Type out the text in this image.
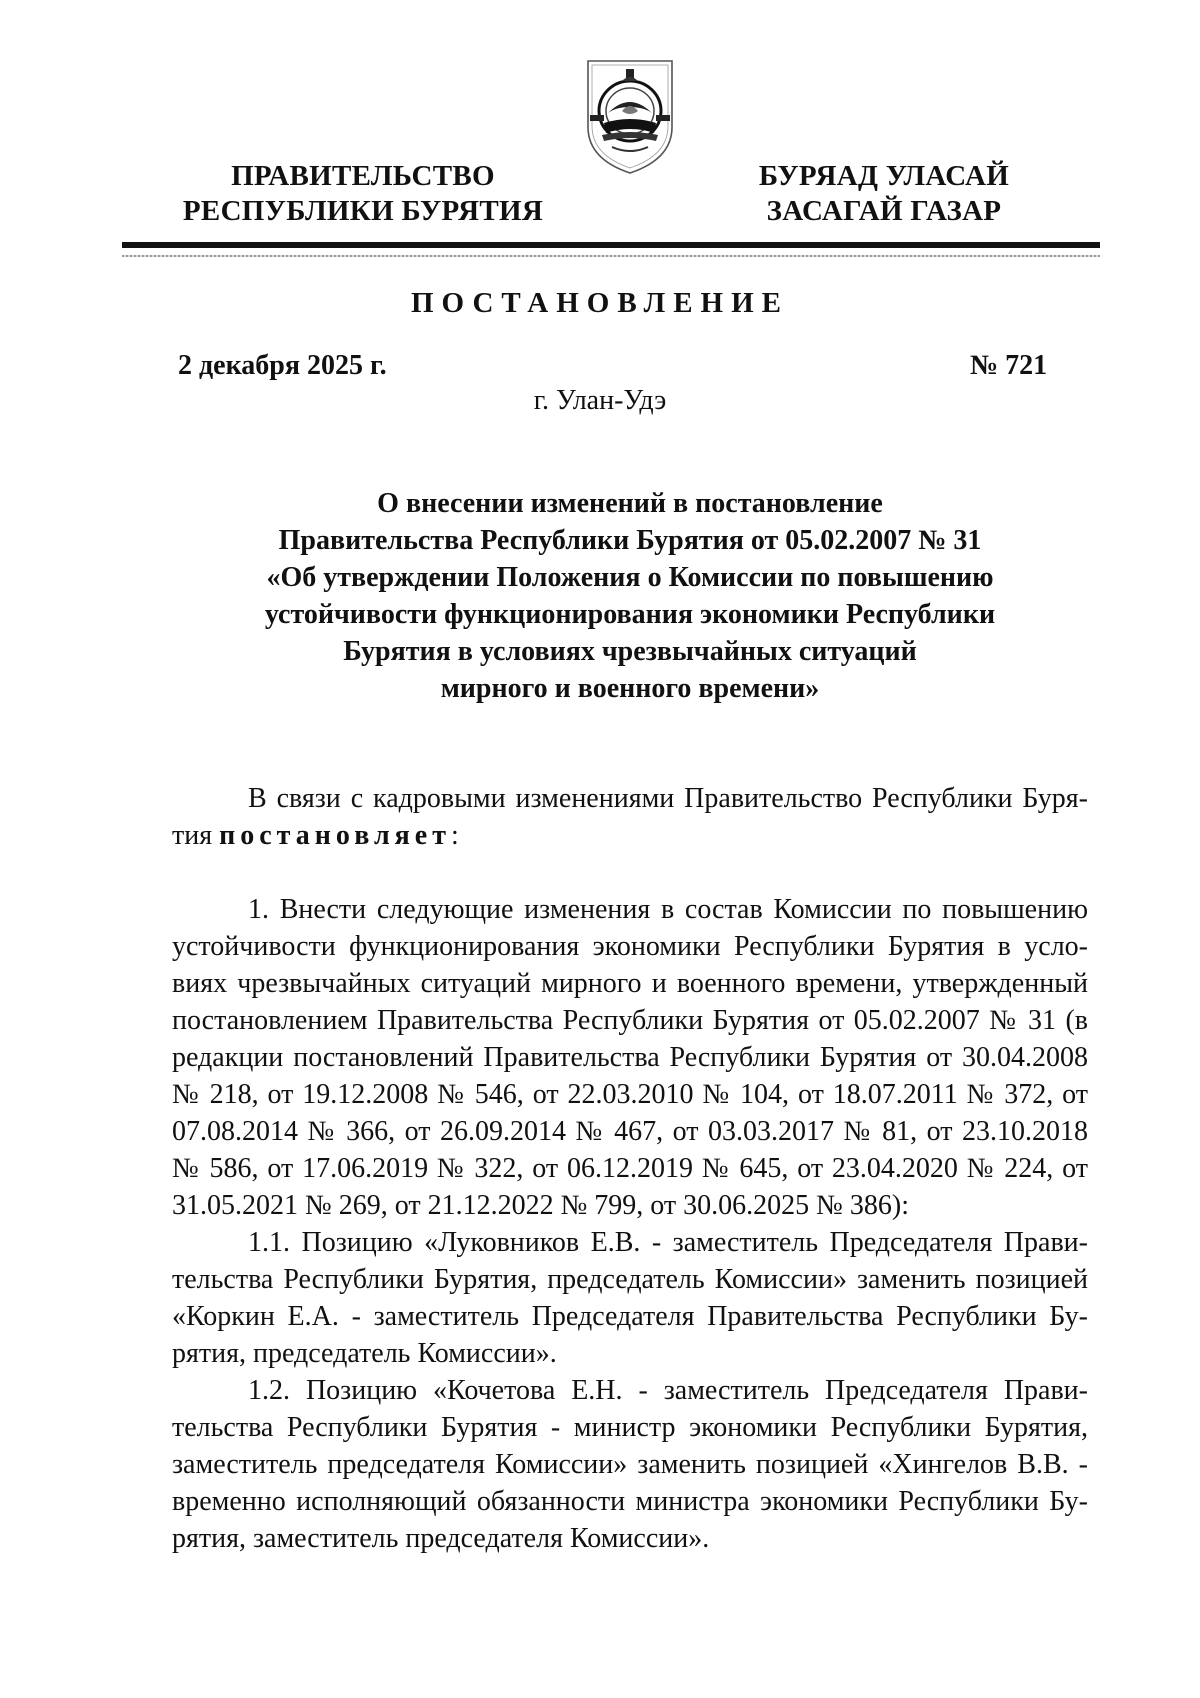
ПРАВИТЕЛЬСТВО
РЕСПУБЛИКИ БУРЯТИЯ
БУРЯАД УЛАСАЙ
ЗАСАГАЙ ГАЗАР
ПОСТАНОВЛЕНИЕ
2 декабря 2025 г.	№ 721
г. Улан-Удэ
О внесении изменений в постановление
Правительства Республики Бурятия от 05.02.2007 № 31
«Об утверждении Положения о Комиссии по повышению
устойчивости функционирования экономики Республики
Бурятия в условиях чрезвычайных ситуаций
мирного и военного времени»
В связи с кадровыми изменениями Правительство Республики Буря-
тия постановляет:
1. Внести следующие изменения в состав Комиссии по повышению
устойчивости функционирования экономики Республики Бурятия в усло-
виях чрезвычайных ситуаций мирного и военного времени, утвержденный
постановлением Правительства Республики Бурятия от 05.02.2007 № 31 (в
редакции постановлений Правительства Республики Бурятия от 30.04.2008
№ 218, от 19.12.2008 № 546, от 22.03.2010 № 104, от 18.07.2011 № 372, от
07.08.2014 № 366, от 26.09.2014 № 467, от 03.03.2017 № 81, от 23.10.2018
№ 586, от 17.06.2019 № 322, от 06.12.2019 № 645, от 23.04.2020 № 224, от
31.05.2021 № 269, от 21.12.2022 № 799, от 30.06.2025 № 386):
1.1. Позицию «Луковников Е.В. - заместитель Председателя Прави-
тельства Республики Бурятия, председатель Комиссии» заменить позицией
«Коркин Е.А. - заместитель Председателя Правительства Республики Бу-
рятия, председатель Комиссии».
1.2. Позицию «Кочетова Е.Н. - заместитель Председателя Прави-
тельства Республики Бурятия - министр экономики Республики Бурятия,
заместитель председателя Комиссии» заменить позицией «Хингелов В.В. -
временно исполняющий обязанности министра экономики Республики Бу-
рятия, заместитель председателя Комиссии».
